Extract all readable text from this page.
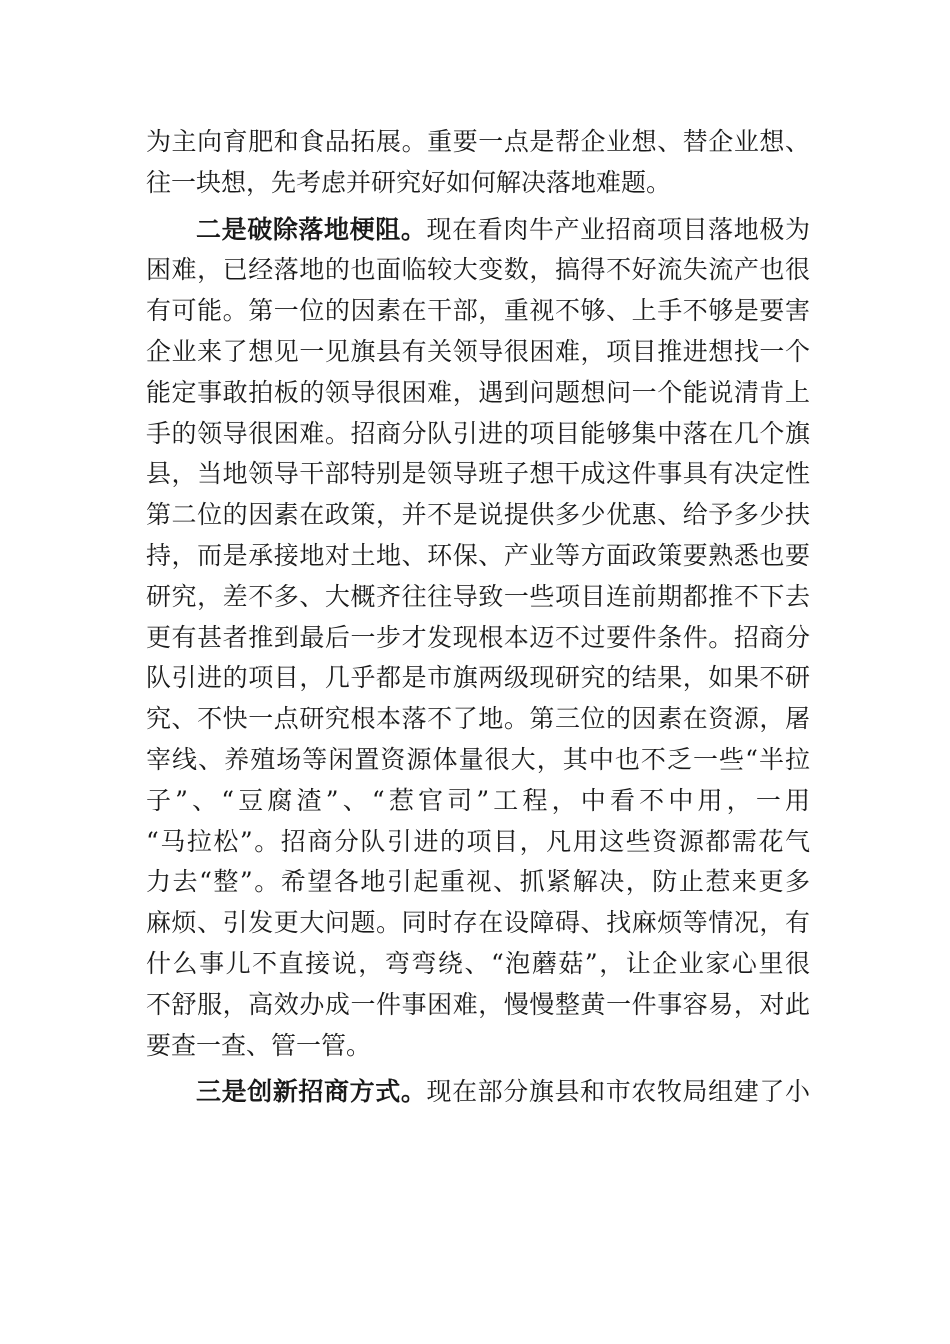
为主向育肥和食品拓展。重要一点是帮企业想、替企业想、
往一块想，先考虑并研究好如何解决落地难题。
二是破除落地梗阻。现在看肉牛产业招商项目落地极为
困难，已经落地的也面临较大变数，搞得不好流失流产也很
有可能。第一位的因素在干部，重视不够、上手不够是要害
企业来了想见一见旗县有关领导很困难，项目推进想找一个
能定事敢拍板的领导很困难，遇到问题想问一个能说清肯上
手的领导很困难。招商分队引进的项目能够集中落在几个旗
县，当地领导干部特别是领导班子想干成这件事具有决定性
第二位的因素在政策，并不是说提供多少优惠、给予多少扶
持，而是承接地对土地、环保、产业等方面政策要熟悉也要
研究，差不多、大概齐往往导致一些项目连前期都推不下去
更有甚者推到最后一步才发现根本迈不过要件条件。招商分
队引进的项目，几乎都是市旗两级现研究的结果，如果不研
究、不快一点研究根本落不了地。第三位的因素在资源，屠
宰线、养殖场等闲置资源体量很大，其中也不乏一些“半拉
子”、“豆腐渣”、“惹官司”工程，中看不中用，一用
“马拉松”。招商分队引进的项目，凡用这些资源都需花气
力去“整”。希望各地引起重视、抓紧解决，防止惹来更多
麻烦、引发更大问题。同时存在设障碍、找麻烦等情况，有
什么事儿不直接说，弯弯绕、“泡蘑菇”，让企业家心里很
不舒服，高效办成一件事困难，慢慢整黄一件事容易，对此
要查一查、管一管。
三是创新招商方式。现在部分旗县和市农牧局组建了小
